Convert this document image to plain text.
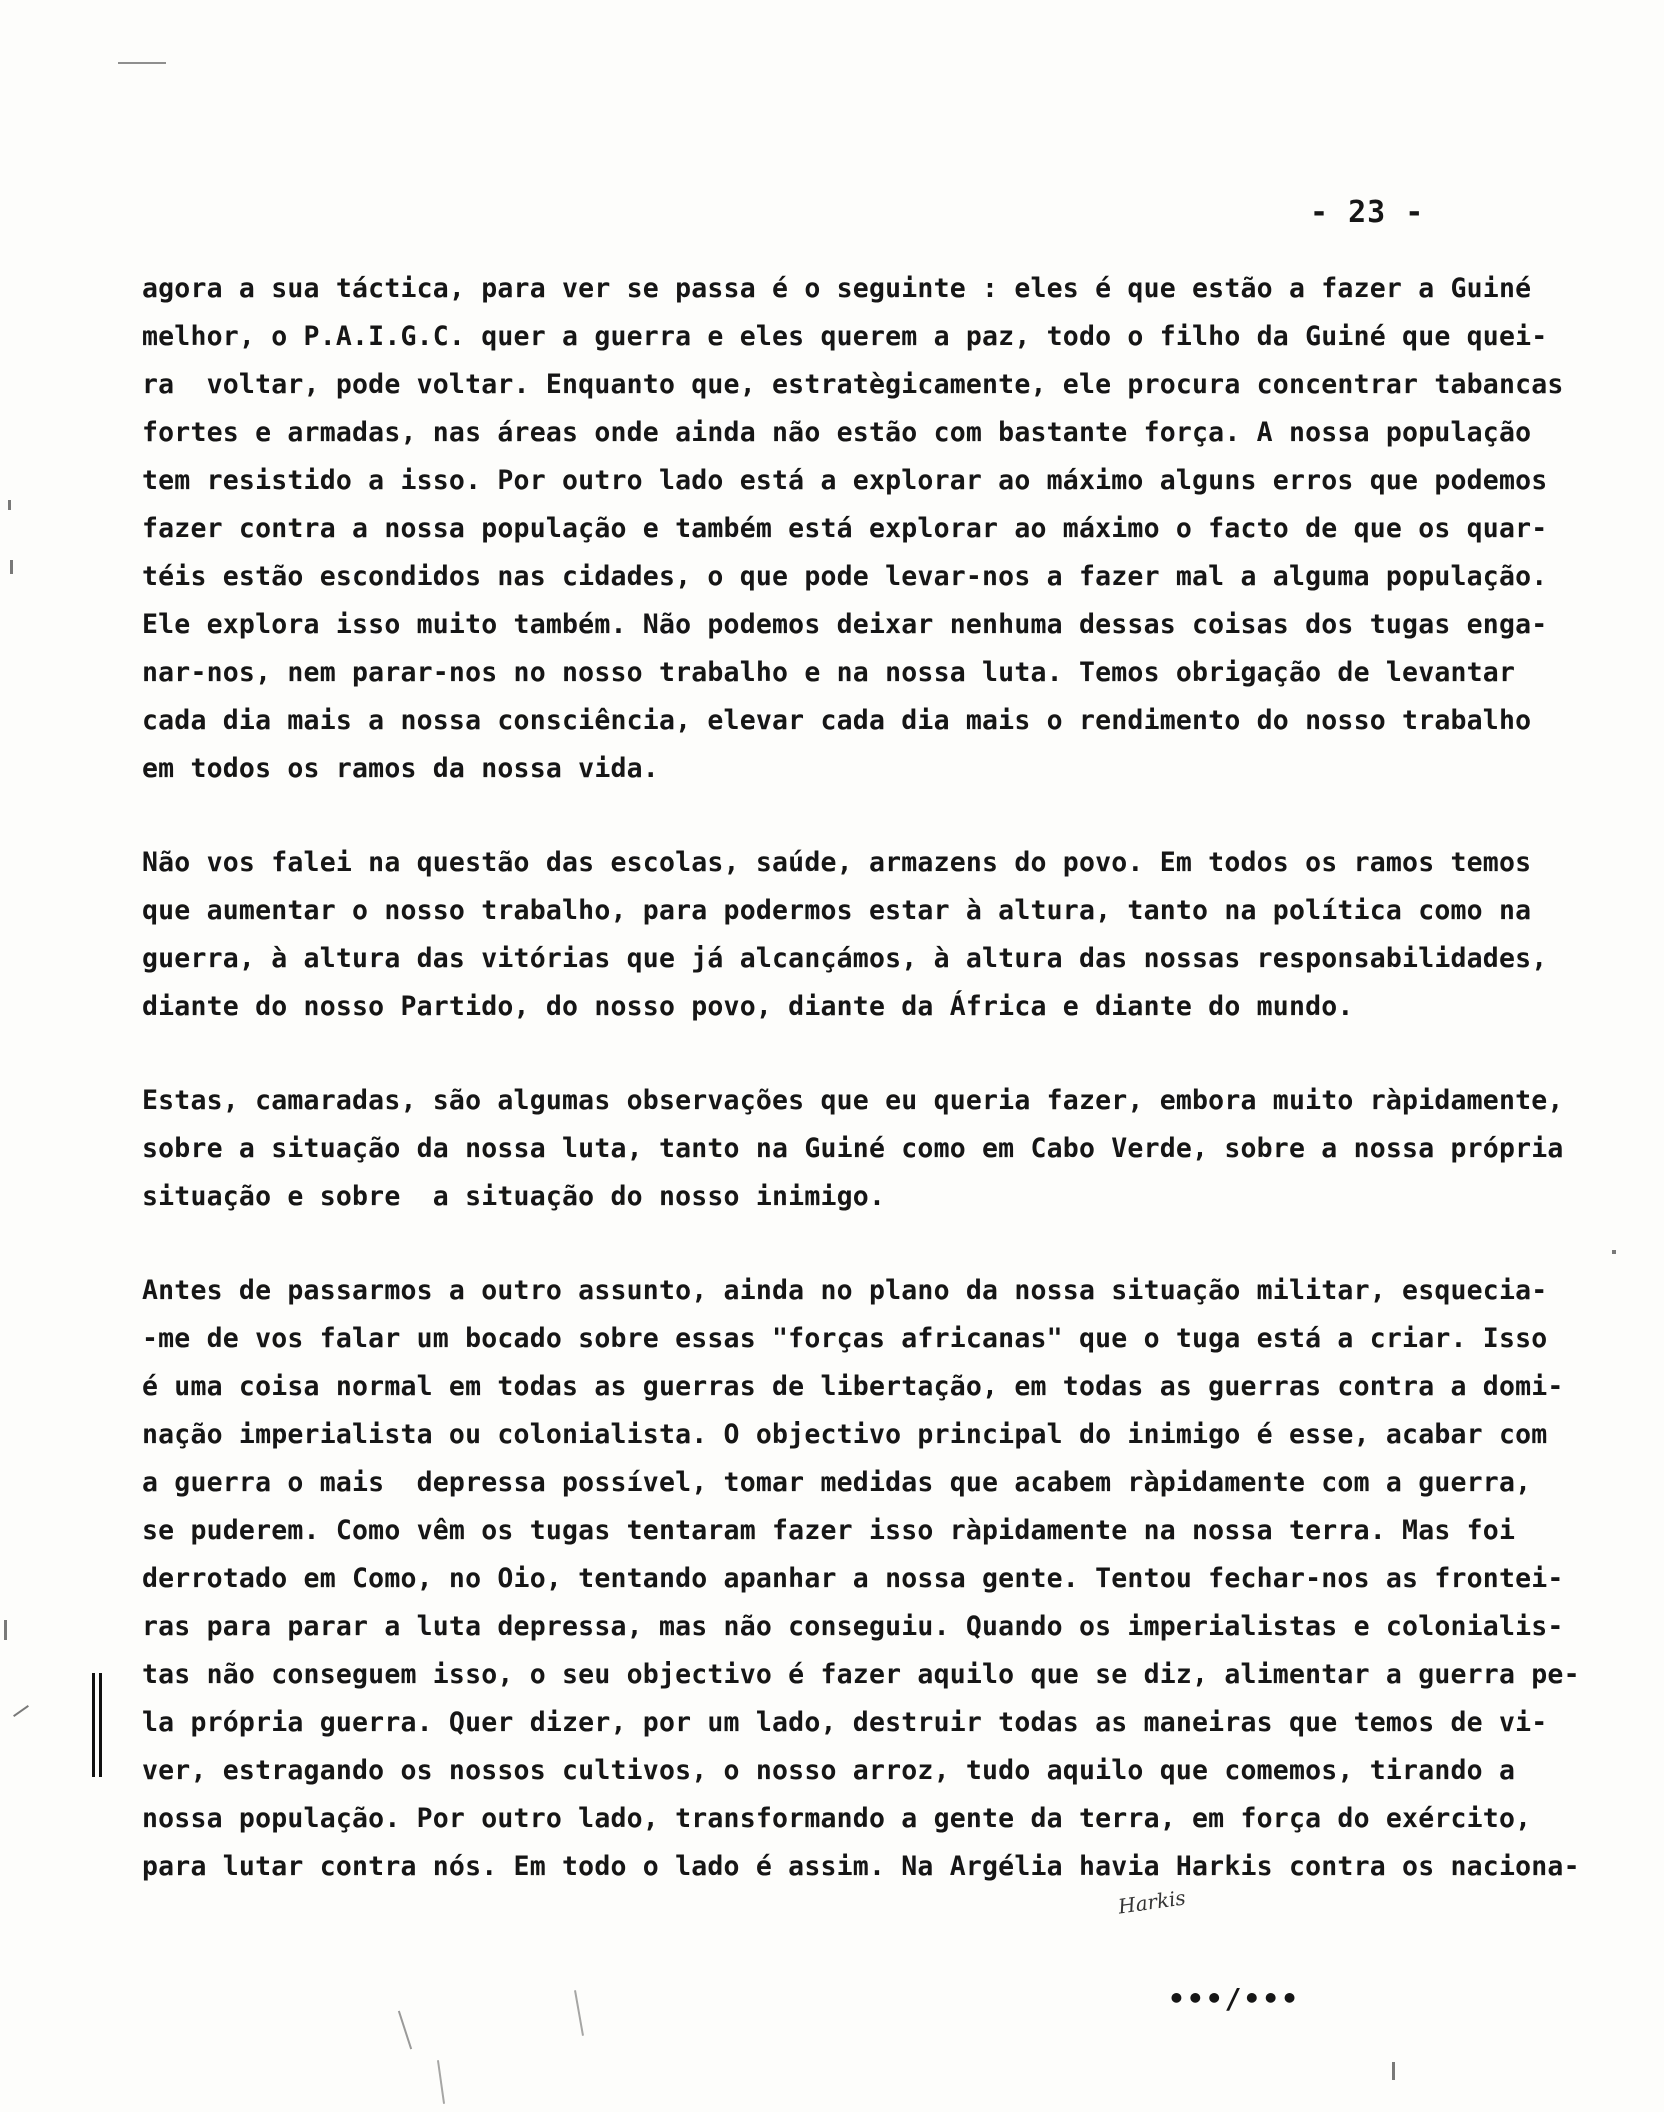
- 23 -
agora a sua táctica, para ver se passa é o seguinte : eles é que estão a fazer a Guiné
melhor, o P.A.I.G.C. quer a guerra e eles querem a paz, todo o filho da Guiné que quei-
ra  voltar, pode voltar. Enquanto que, estratègicamente, ele procura concentrar tabancas
fortes e armadas, nas áreas onde ainda não estão com bastante força. A nossa população
tem resistido a isso. Por outro lado está a explorar ao máximo alguns erros que podemos
fazer contra a nossa população e também está explorar ao máximo o facto de que os quar-
téis estão escondidos nas cidades, o que pode levar-nos a fazer mal a alguma população.
Ele explora isso muito também. Não podemos deixar nenhuma dessas coisas dos tugas enga-
nar-nos, nem parar-nos no nosso trabalho e na nossa luta. Temos obrigação de levantar
cada dia mais a nossa consciência, elevar cada dia mais o rendimento do nosso trabalho
em todos os ramos da nossa vida.
Não vos falei na questão das escolas, saúde, armazens do povo. Em todos os ramos temos
que aumentar o nosso trabalho, para podermos estar à altura, tanto na política como na
guerra, à altura das vitórias que já alcançámos, à altura das nossas responsabilidades,
diante do nosso Partido, do nosso povo, diante da África e diante do mundo.
Estas, camaradas, são algumas observações que eu queria fazer, embora muito ràpidamente,
sobre a situação da nossa luta, tanto na Guiné como em Cabo Verde, sobre a nossa própria
situação e sobre  a situação do nosso inimigo.
Antes de passarmos a outro assunto, ainda no plano da nossa situação militar, esquecia-
-me de vos falar um bocado sobre essas "forças africanas" que o tuga está a criar. Isso
é uma coisa normal em todas as guerras de libertação, em todas as guerras contra a domi-
nação imperialista ou colonialista. O objectivo principal do inimigo é esse, acabar com
a guerra o mais  depressa possível, tomar medidas que acabem ràpidamente com a guerra,
se puderem. Como vêm os tugas tentaram fazer isso ràpidamente na nossa terra. Mas foi
derrotado em Como, no Oio, tentando apanhar a nossa gente. Tentou fechar-nos as frontei-
ras para parar a luta depressa, mas não conseguiu. Quando os imperialistas e colonialis-
tas não conseguem isso, o seu objectivo é fazer aquilo que se diz, alimentar a guerra pe-
la própria guerra. Quer dizer, por um lado, destruir todas as maneiras que temos de vi-
ver, estragando os nossos cultivos, o nosso arroz, tudo aquilo que comemos, tirando a
nossa população. Por outro lado, transformando a gente da terra, em força do exército,
para lutar contra nós. Em todo o lado é assim. Na Argélia havia Harkis contra os naciona-
Harkis
•••/•••
